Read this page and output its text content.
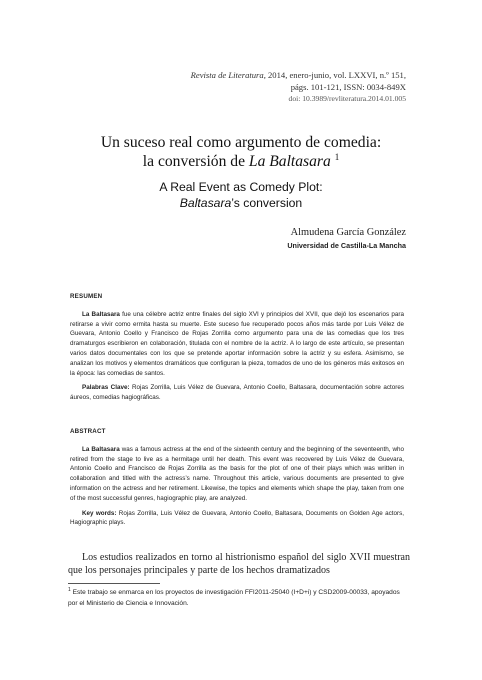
Revista de Literatura, 2014, enero-junio, vol. LXXVI, n.º 151,
págs. 101-121, ISSN: 0034-849X
doi: 10.3989/revliteratura.2014.01.005
Un suceso real como argumento de comedia:
la conversión de La Baltasara $^1$
A Real Event as Comedy Plot:
Baltasara’s conversion
Almudena García González
Universidad de Castilla-La Mancha
RESUMEN

La Baltasara fue una célebre actriz entre finales del siglo XVI y principios del XVII, que dejó los escenarios para retirarse a vivir como ermita hasta su muerte. Este suceso fue recuperado pocos años más tarde por Luis Vélez de Guevara, Antonio Coello y Francisco de Rojas Zorrilla como argumento para una de las comedias que los tres dramaturgos escribieron en colaboración, titulada con el nombre de la actriz. A lo largo de este artículo, se presentan varios datos documentales con los que se pretende aportar información sobre la actriz y su esfera. Asimismo, se analizan los motivos y elementos dramáticos que configuran la pieza, tomados de uno de los géneros más exitosos en la época: las comedias de santos.

Palabras Clave: Rojas Zorrilla, Luis Vélez de Guevara, Antonio Coello, Baltasara, documentación sobre actores áureos, comedias hagiográficas.

ABSTRACT

La Baltasara was a famous actress at the end of the sixteenth century and the beginning of the seventeenth, who retired from the stage to live as a hermitage until her death. This event was recovered by Luis Vélez de Guevara, Antonio Coello and Francisco de Rojas Zorrilla as the basis for the plot of one of their plays which was written in collaboration and titled with the actress’s name. Throughout this article, various documents are presented to give information on the actress and her retirement. Likewise, the topics and elements which shape the play, taken from one of the most successful genres, hagiographic play, are analyzed.

Key words: Rojas Zorrilla, Luis Vélez de Guevara, Antonio Coello, Baltasara, Documents on Golden Age actors, Hagiographic plays.

Los estudios realizados en torno al histrionismo español del siglo XVII muestran que los personajes principales y parte de los hechos dramatizados
$^1$ Este trabajo se enmarca en los proyectos de investigación FFI2011-25040 (I+D+i) y CSD2009-00033, apoyados por el Ministerio de Ciencia e Innovación.
